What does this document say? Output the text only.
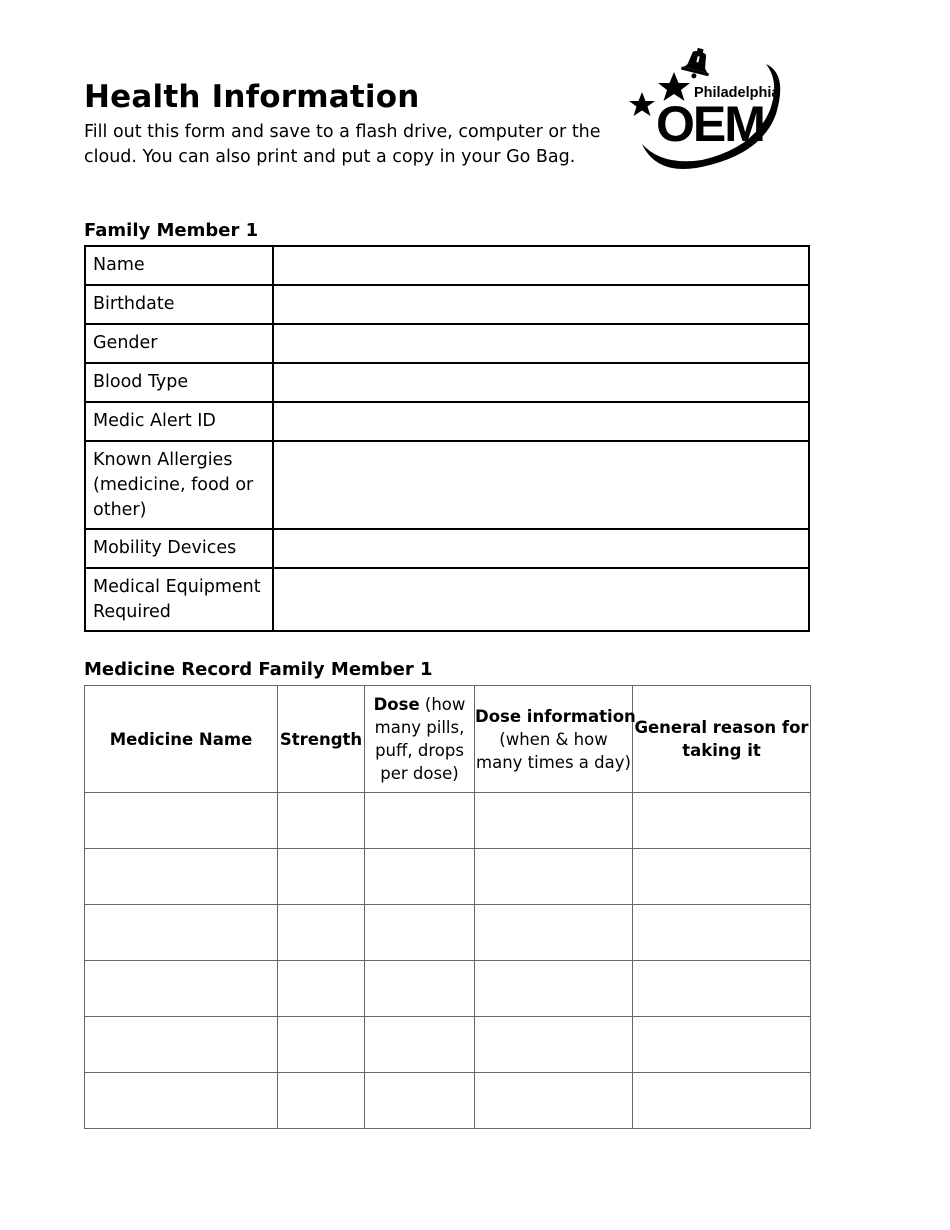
Health Information
Fill out this form and save to a flash drive, computer or the
cloud. You can also print and put a copy in your Go Bag.
Philadelphia
OEM
Family Member 1
Name	

Birthdate	

Gender	

Blood Type	

Medic Alert ID	

Known Allergies
(medicine, food or
other)	

Mobility Devices	

Medical Equipment
Required	

Medicine Record Family Member 1
Medicine Name	Strength	Dose (how
many pills,
puff, drops
per dose)	Dose information
(when & how
many times a day)	General reason for
taking it
